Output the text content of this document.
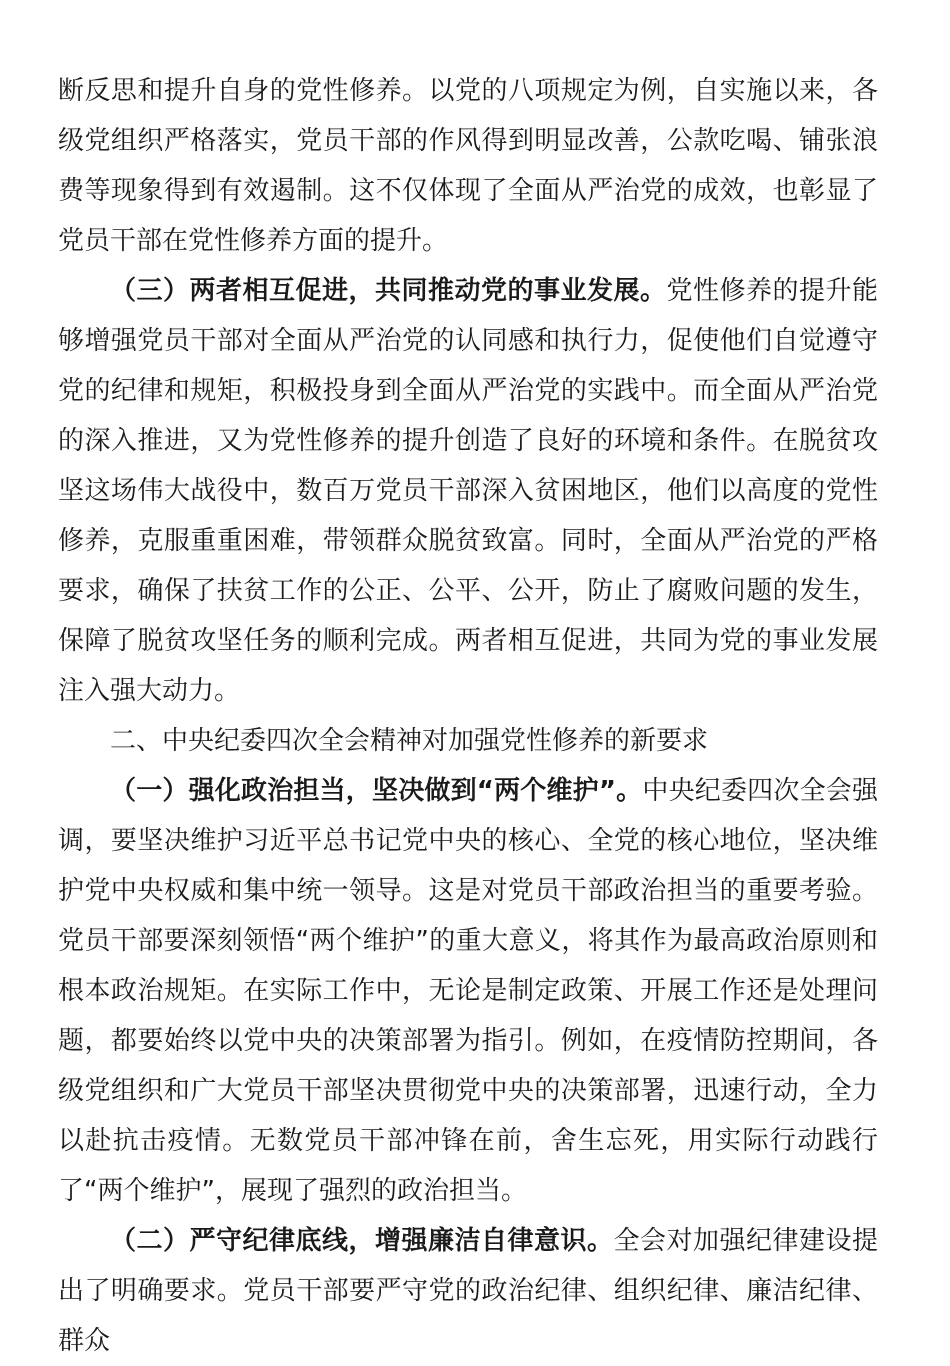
断反思和提升自身的党性修养。以党的八项规定为例，自实施以来，各级党组织严格落实，党员干部的作风得到明显改善，公款吃喝、铺张浪费等现象得到有效遏制。这不仅体现了全面从严治党的成效，也彰显了党员干部在党性修养方面的提升。

（三）两者相互促进，共同推动党的事业发展。党性修养的提升能够增强党员干部对全面从严治党的认同感和执行力，促使他们自觉遵守党的纪律和规矩，积极投身到全面从严治党的实践中。而全面从严治党的深入推进，又为党性修养的提升创造了良好的环境和条件。在脱贫攻坚这场伟大战役中，数百万党员干部深入贫困地区，他们以高度的党性修养，克服重重困难，带领群众脱贫致富。同时，全面从严治党的严格要求，确保了扶贫工作的公正、公平、公开，防止了腐败问题的发生，保障了脱贫攻坚任务的顺利完成。两者相互促进，共同为党的事业发展注入强大动力。

二、中央纪委四次全会精神对加强党性修养的新要求

（一）强化政治担当，坚决做到“两个维护”。中央纪委四次全会强调，要坚决维护习近平总书记党中央的核心、全党的核心地位，坚决维护党中央权威和集中统一领导。这是对党员干部政治担当的重要考验。党员干部要深刻领悟“两个维护”的重大意义，将其作为最高政治原则和根本政治规矩。在实际工作中，无论是制定政策、开展工作还是处理问题，都要始终以党中央的决策部署为指引。例如，在疫情防控期间，各级党组织和广大党员干部坚决贯彻党中央的决策部署，迅速行动，全力以赴抗击疫情。无数党员干部冲锋在前，舍生忘死，用实际行动践行了“两个维护”，展现了强烈的政治担当。

（二）严守纪律底线，增强廉洁自律意识。全会对加强纪律建设提出了明确要求。党员干部要严守党的政治纪律、组织纪律、廉洁纪律、群众
